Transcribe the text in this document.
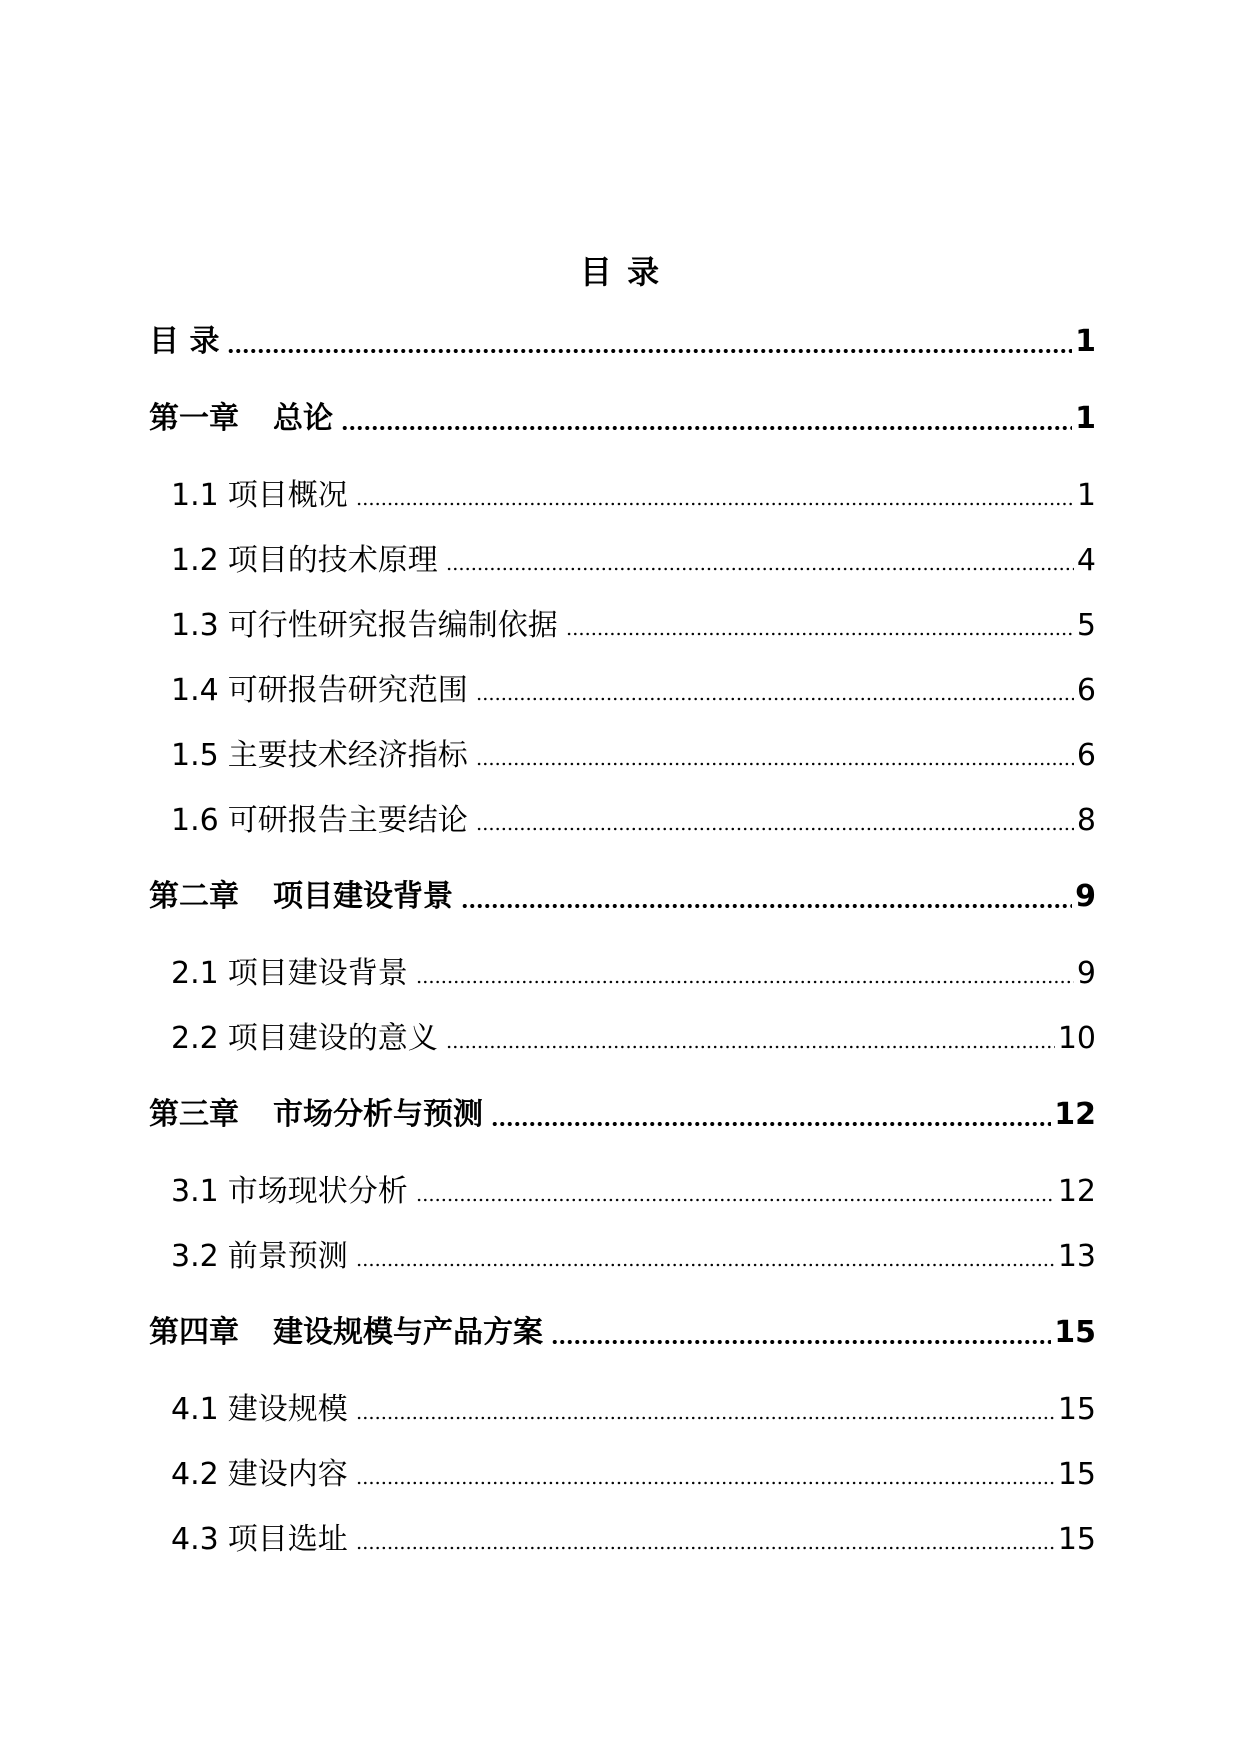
目 录
目 录	1
第一章 总论	1
1.1 项目概况	1
1.2 项目的技术原理	4
1.3 可行性研究报告编制依据	5
1.4 可研报告研究范围	6
1.5 主要技术经济指标	6
1.6 可研报告主要结论	8
第二章 项目建设背景	9
2.1 项目建设背景	9
2.2 项目建设的意义	10
第三章 市场分析与预测	12
3.1 市场现状分析	12
3.2 前景预测	13
第四章 建设规模与产品方案	15
4.1 建设规模	15
4.2 建设内容	15
4.3 项目选址	15
